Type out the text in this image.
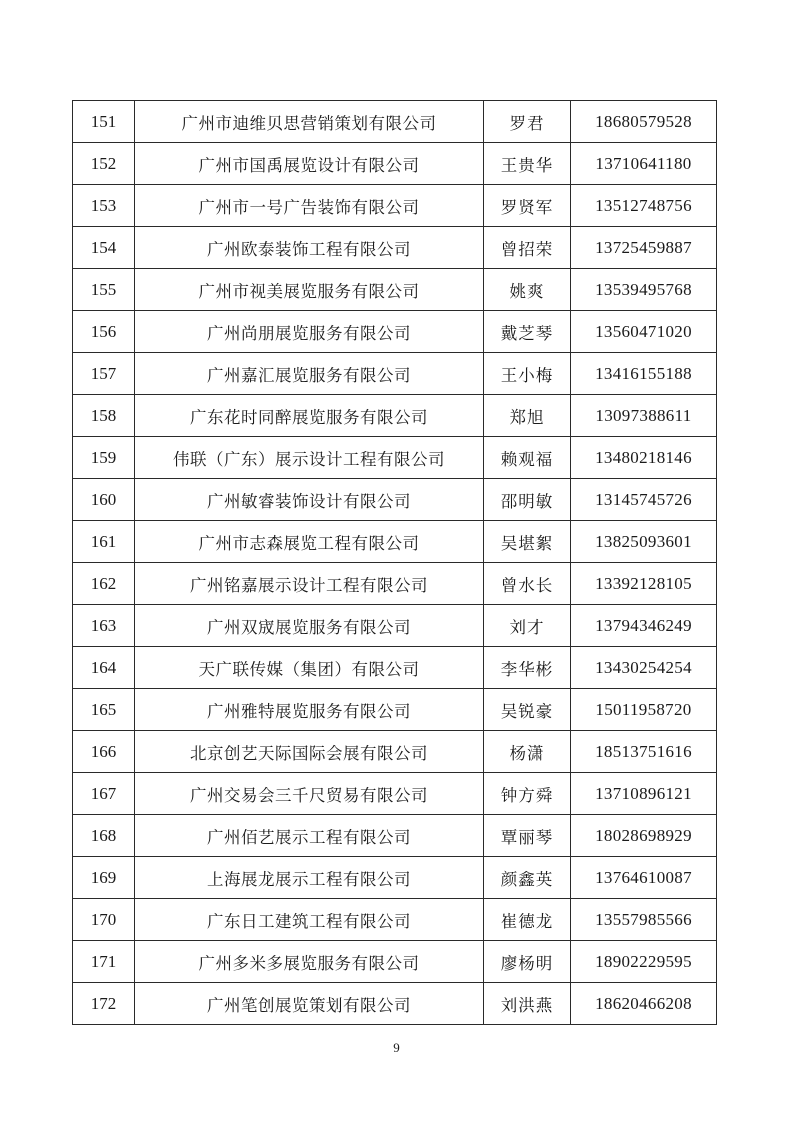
151	广州市迪维贝思营销策划有限公司	罗君	18680579528
152	广州市国禹展览设计有限公司	王贵华	13710641180
153	广州市一号广告装饰有限公司	罗贤军	13512748756
154	广州欧泰装饰工程有限公司	曾招荣	13725459887
155	广州市视美展览服务有限公司	姚爽	13539495768
156	广州尚朋展览服务有限公司	戴芝琴	13560471020
157	广州嘉汇展览服务有限公司	王小梅	13416155188
158	广东花时同醉展览服务有限公司	郑旭	13097388611
159	伟联（广东）展示设计工程有限公司	赖观福	13480218146
160	广州敏睿装饰设计有限公司	邵明敏	13145745726
161	广州市志森展览工程有限公司	吴堪絮	13825093601
162	广州铭嘉展示设计工程有限公司	曾水长	13392128105
163	广州双宬展览服务有限公司	刘才	13794346249
164	天广联传媒（集团）有限公司	李华彬	13430254254
165	广州雅特展览服务有限公司	吴锐豪	15011958720
166	北京创艺天际国际会展有限公司	杨潇	18513751616
167	广州交易会三千尺贸易有限公司	钟方舜	13710896121
168	广州佰艺展示工程有限公司	覃丽琴	18028698929
169	上海展龙展示工程有限公司	颜鑫英	13764610087
170	广东日工建筑工程有限公司	崔德龙	13557985566
171	广州多米多展览服务有限公司	廖杨明	18902229595
172	广州笔创展览策划有限公司	刘洪燕	18620466208
9
